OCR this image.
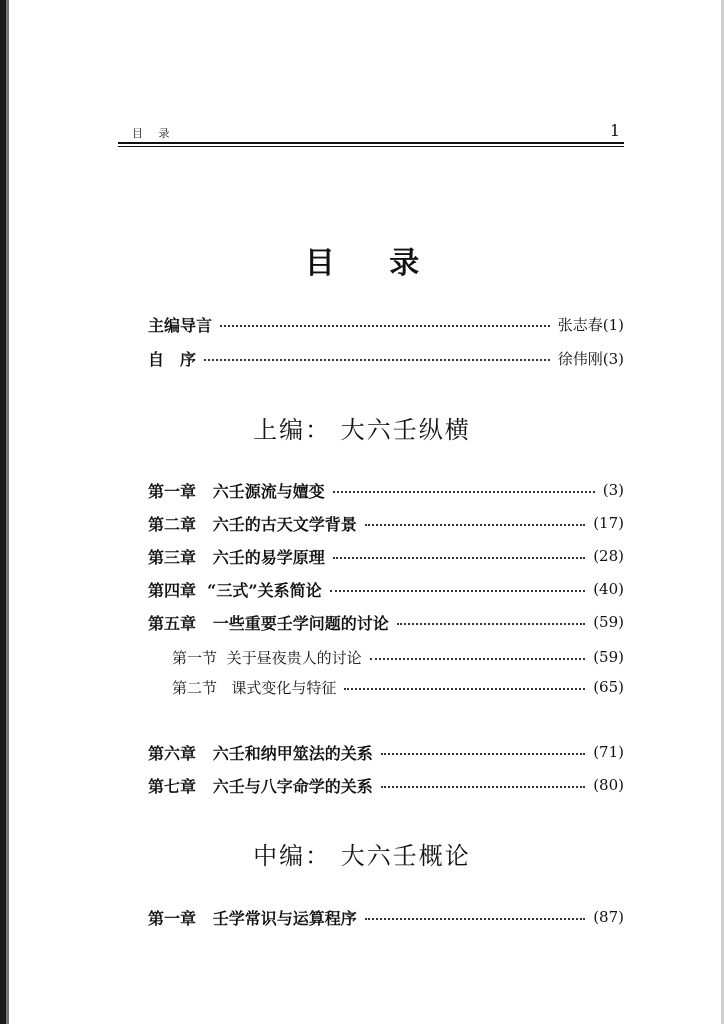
目 录	1
目 录
主编导言	张志春(1)
自　序	徐伟刚(3)
上编： 大六壬纵横
第一章 六壬源流与嬗变	(3)
第二章 六壬的古天文学背景	(17)
第三章 六壬的易学原理	(28)
第四章 “三式”关系简论	(40)
第五章 一些重要壬学问题的讨论	(59)
第一节 关于昼夜贵人的讨论	(59)
第二节 课式变化与特征	(65)
第六章 六壬和纳甲筮法的关系	(71)
第七章 六壬与八字命学的关系	(80)
中编： 大六壬概论
第一章 壬学常识与运算程序	(87)
